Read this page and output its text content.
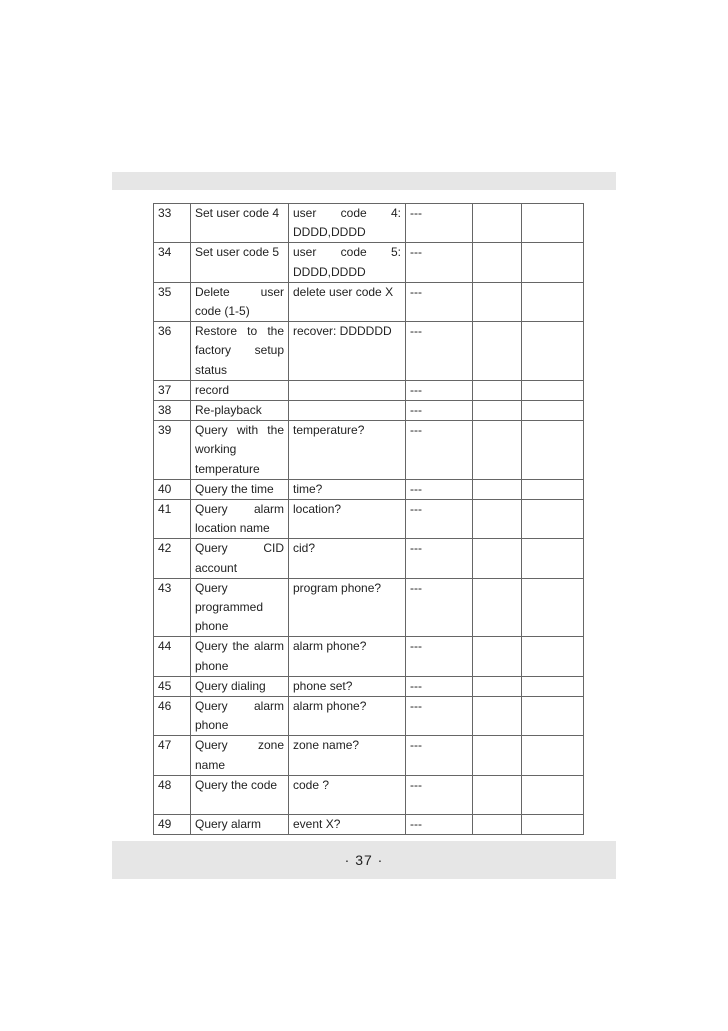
33	Set user code 4	user code 4: DDDD,DDDD	---		
34	Set user code 5	user code 5: DDDD,DDDD	---		
35	Delete user code (1-5)	delete user code X	---		
36	Restore to the factory setup status	recover: DDDDDD	---		
37	record		---		
38	Re-playback		---		
39	Query with the working temperature	temperature?	---		
40	Query the time	time?	---		
41	Query alarm location name	location?	---		
42	Query CID account	cid?	---		
43	Query programmed phone	program phone?	---		
44	Query the alarm phone	alarm phone?	---		
45	Query dialing	phone set?	---		
46	Query alarm phone	alarm phone?	---		
47	Query zone name	zone name?	---		
48	Query the code	code ?	---		
49	Query alarm	event X?	---		
· 37 ·
